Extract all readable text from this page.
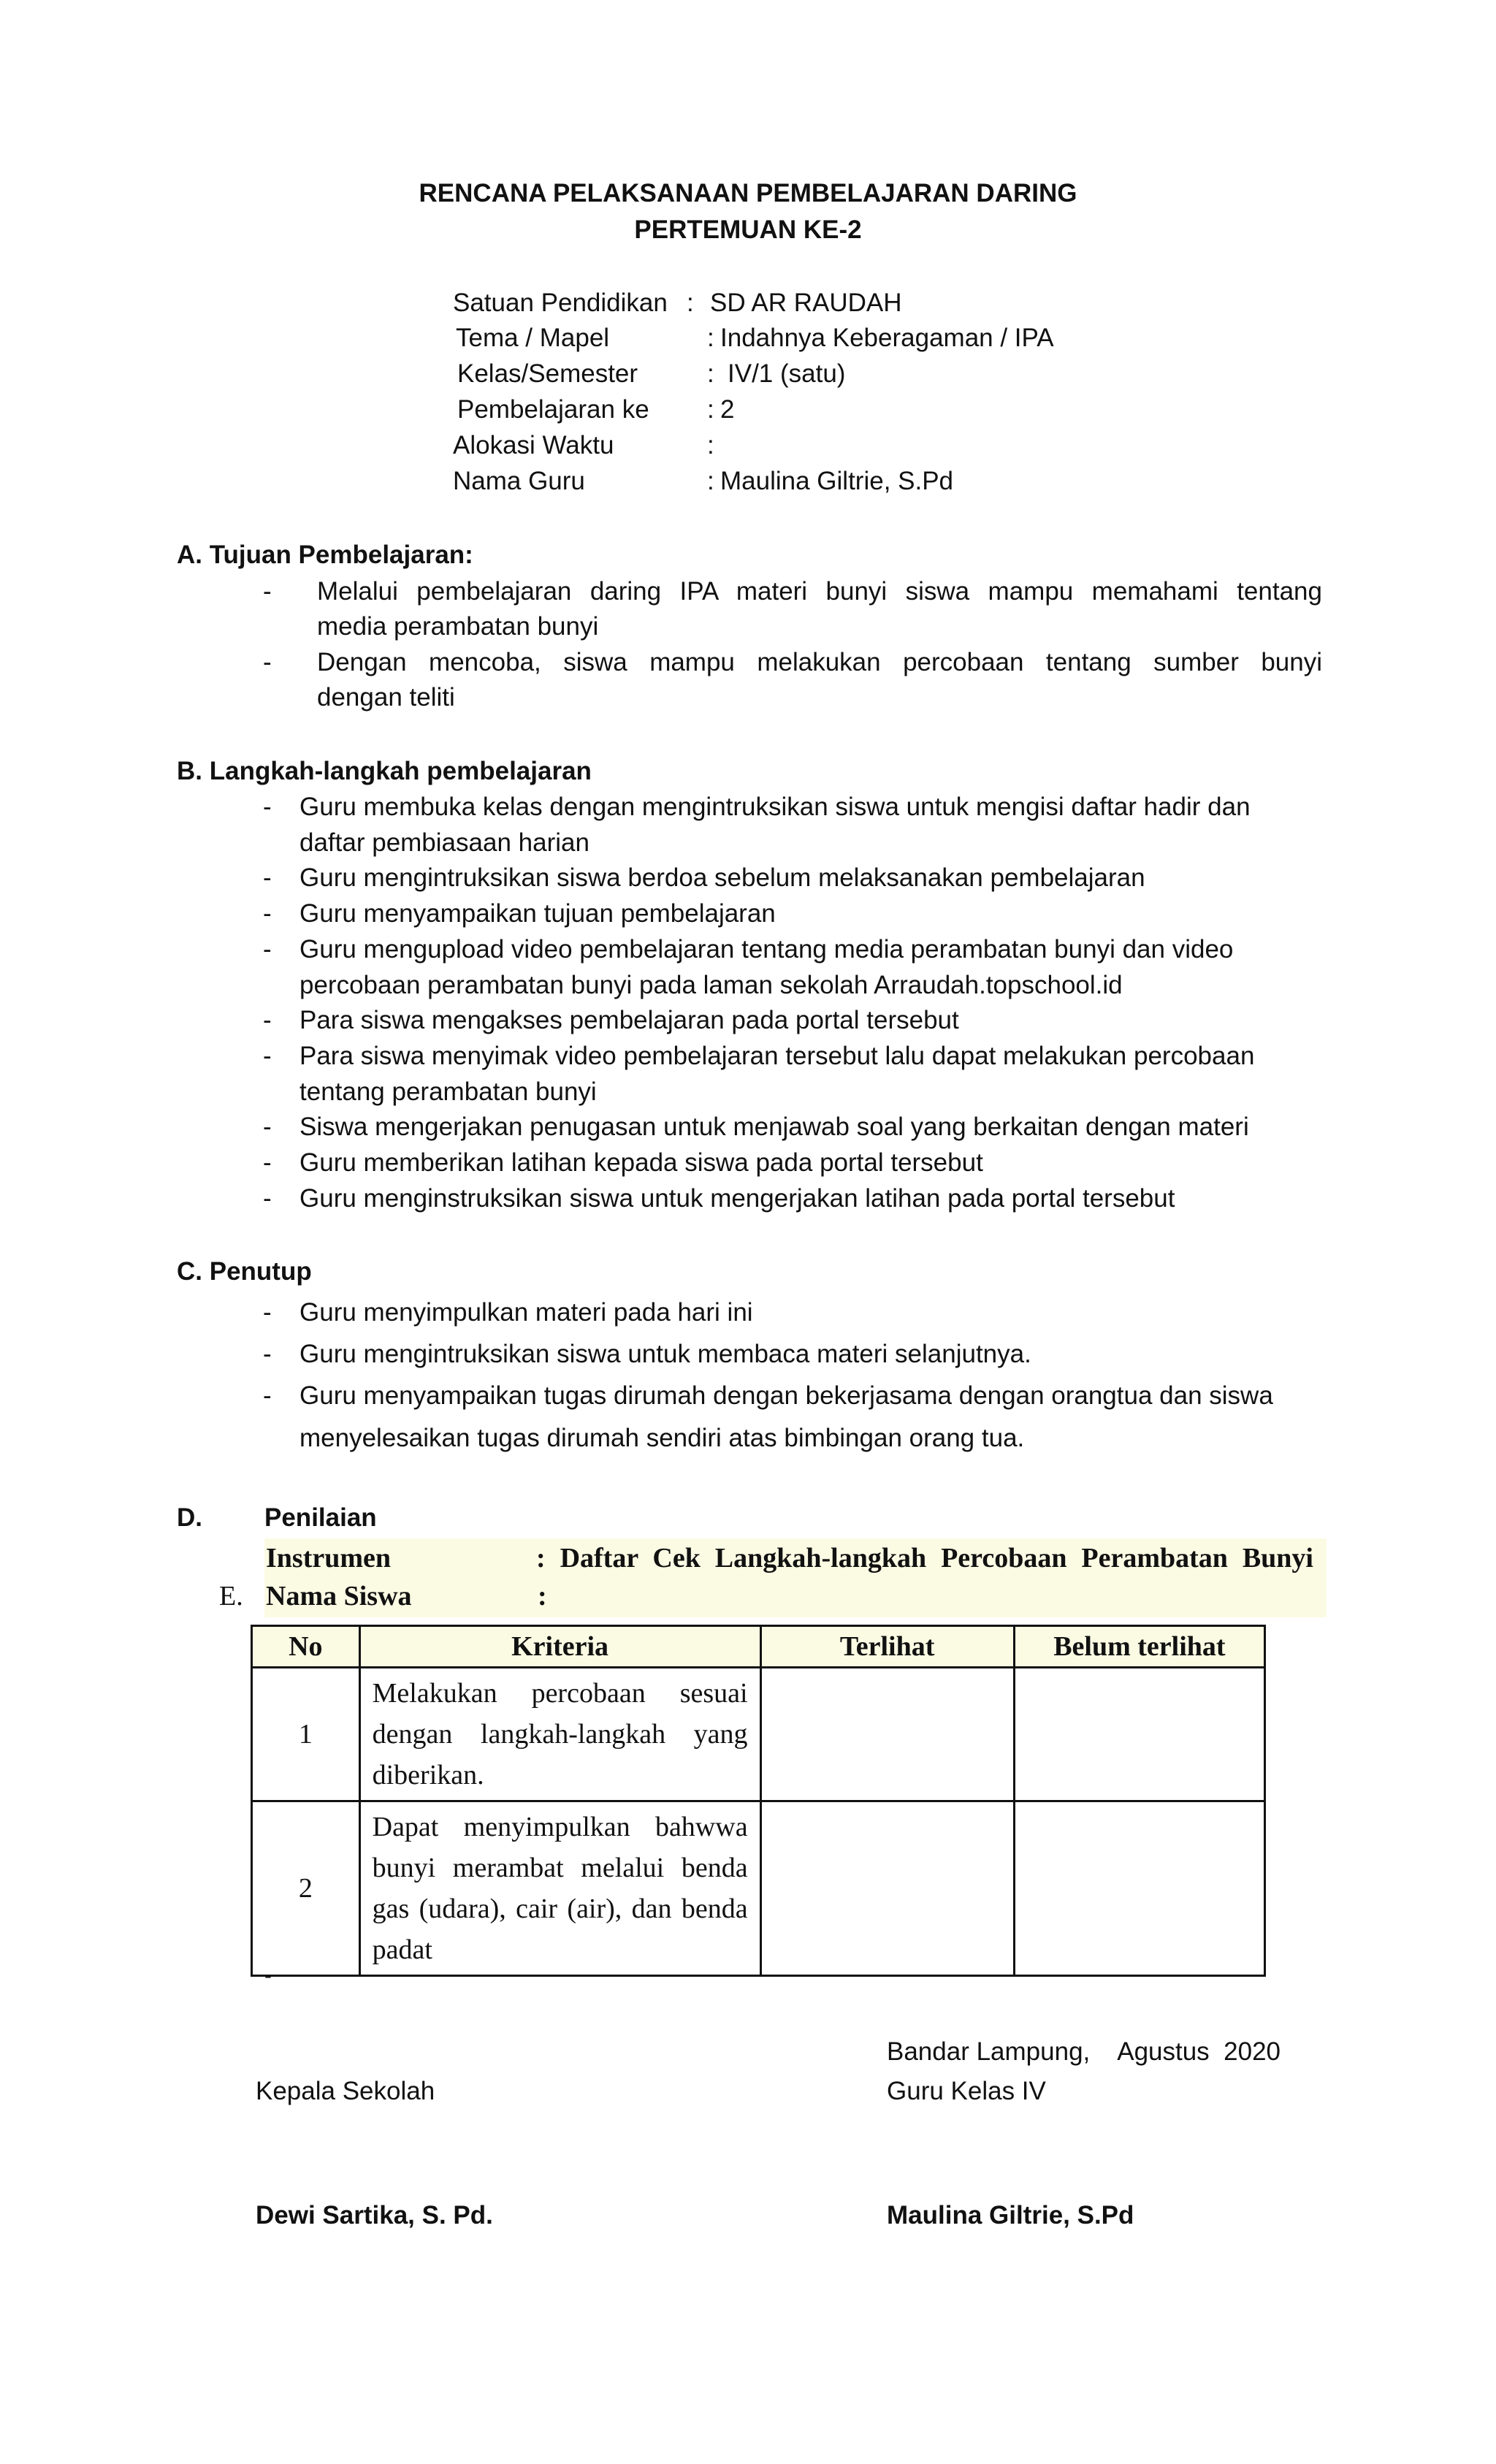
RENCANA PELAKSANAAN PEMBELAJARAN DARING
PERTEMUAN KE-2
Satuan Pendidikan : SD AR RAUDAH
Tema / Mapel	: Indahnya Keberagaman / IPA
Kelas/Semester	: IV/1 (satu)
Pembelajaran ke : 2
Alokasi Waktu	:
Nama Guru	: Maulina Giltrie, S.Pd
A. Tujuan Pembelajaran:
- Melalui pembelajaran daring IPA materi bunyi siswa mampu memahami tentang
media perambatan bunyi
- Dengan mencoba, siswa mampu melakukan percobaan tentang sumber bunyi
dengan teliti
B. Langkah-langkah pembelajaran
- Guru membuka kelas dengan mengintruksikan siswa untuk mengisi daftar hadir dan
daftar pembiasaan harian
- Guru mengintruksikan siswa berdoa sebelum melaksanakan pembelajaran
- Guru menyampaikan tujuan pembelajaran
- Guru mengupload video pembelajaran tentang media perambatan bunyi dan video
percobaan perambatan bunyi pada laman sekolah Arraudah.topschool.id
- Para siswa mengakses pembelajaran pada portal tersebut
- Para siswa menyimak video pembelajaran tersebut lalu dapat melakukan percobaan
tentang perambatan bunyi
- Siswa mengerjakan penugasan untuk menjawab soal yang berkaitan dengan materi
- Guru memberikan latihan kepada siswa pada portal tersebut
- Guru menginstruksikan siswa untuk mengerjakan latihan pada portal tersebut
C. Penutup
- Guru menyimpulkan materi pada hari ini
- Guru mengintruksikan siswa untuk membaca materi selanjutnya.
- Guru menyampaikan tugas dirumah dengan bekerjasama dengan orangtua dan siswa
menyelesaikan tugas dirumah sendiri atas bimbingan orang tua.
D. Penilaian
Instrumen	: Daftar Cek Langkah-langkah Percobaan Perambatan Bunyi
E. Nama Siswa	:
No	Kriteria	Terlihat	Belum terlihat
1	Melakukan percobaan sesuai
dengan langkah-langkah yang
diberikan.		

2	Dapat menyimpulkan bahwwa
bunyi merambat melalui benda
gas (udara), cair (air), dan benda
padat		

-
Bandar Lampung,    Agustus  2020
Kepala Sekolah	Guru Kelas IV
Dewi Sartika, S. Pd.	Maulina Giltrie, S.Pd
